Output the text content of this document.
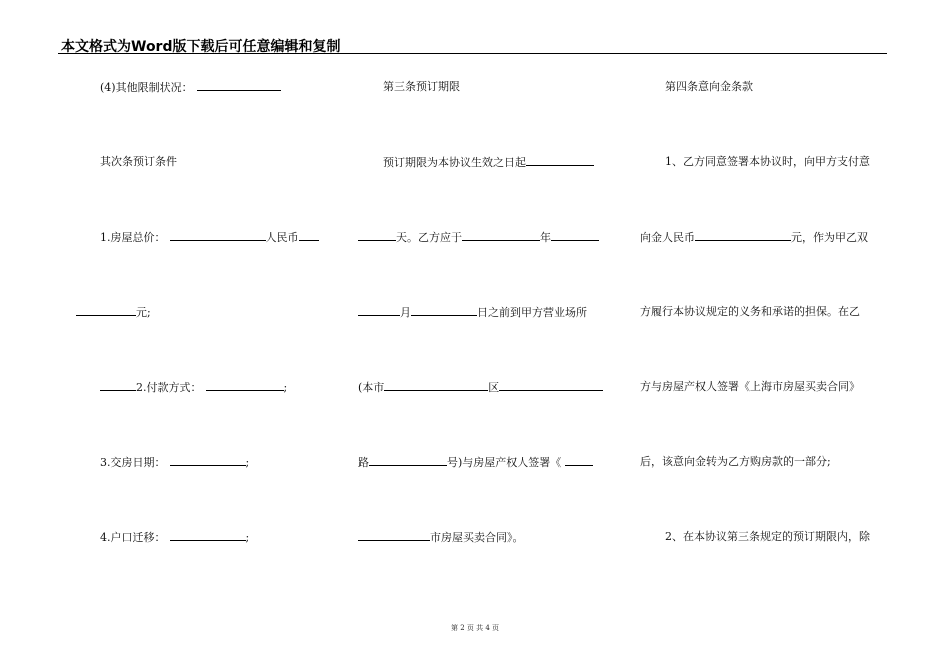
本文格式为Word版下载后可任意编辑和复制
(4)其他限制状况：
其次条预订条件
1.房屋总价：	人民币
元;
2.付款方式：	;
3.交房日期：	;
4.户口迁移：	;
第三条预订期限
预订期限为本协议生效之日起
天。乙方应于	年
月	日之前到甲方营业场所
(本市	区
路	号)与房屋产权人签署《
市房屋买卖合同》。
第四条意向金条款
1、乙方同意签署本协议时，向甲方支付意
向金人民币	元，作为甲乙双
方履行本协议规定的义务和承诺的担保。在乙
方与房屋产权人签署《上海市房屋买卖合同》
后，该意向金转为乙方购房款的一部分;
2、在本协议第三条规定的预订期限内，除
第 2 页 共 4 页
